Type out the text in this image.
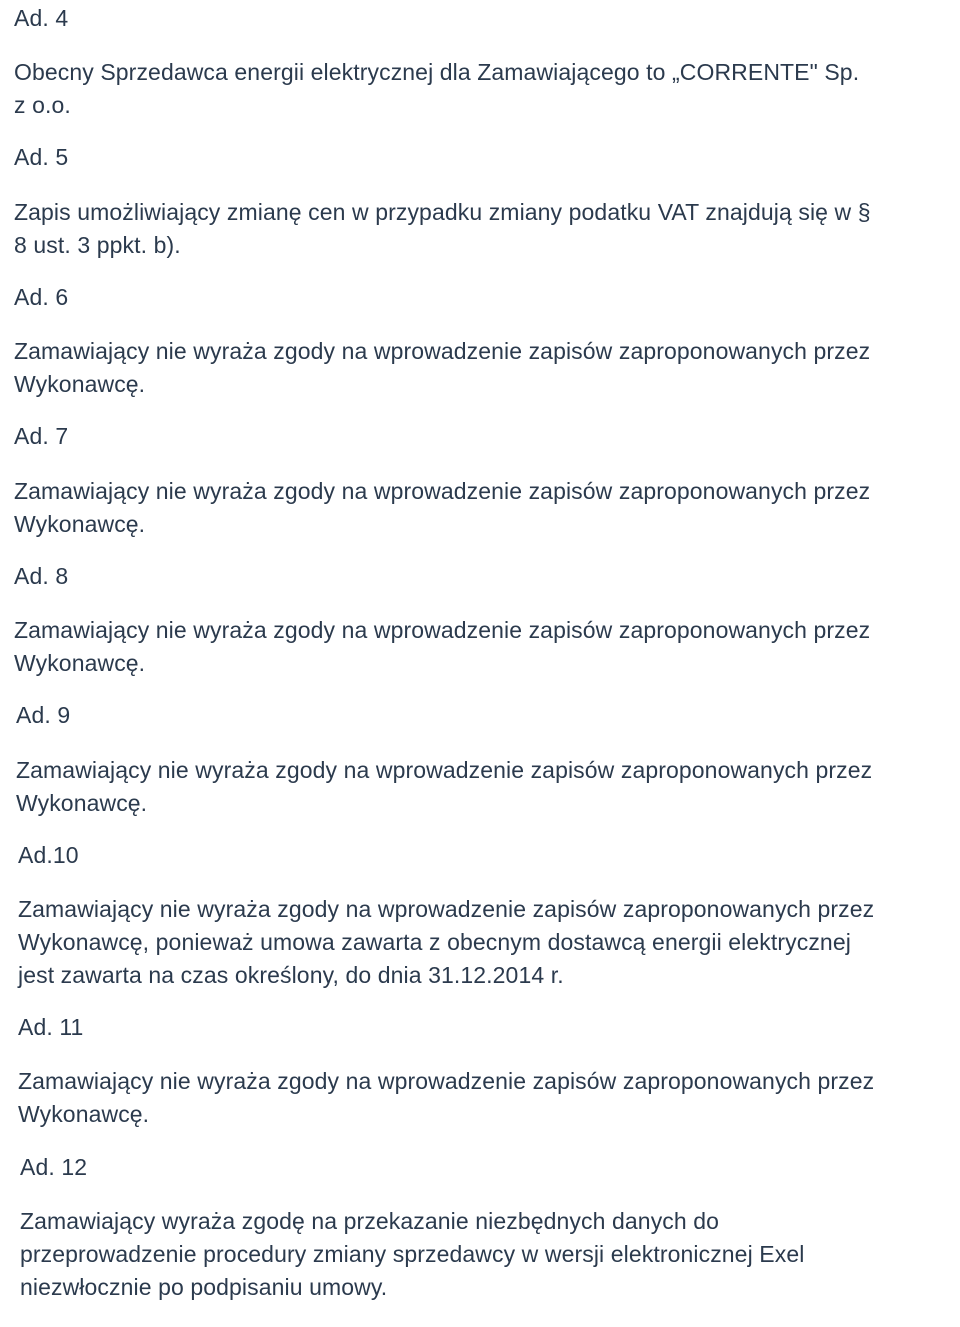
Ad. 4
Obecny Sprzedawca energii elektrycznej dla Zamawiającego to „CORRENTE" Sp.
z o.o.
Ad. 5
Zapis umożliwiający zmianę cen w przypadku zmiany podatku VAT znajdują się w §
8 ust. 3 ppkt. b).
Ad. 6
Zamawiający nie wyraża zgody na wprowadzenie zapisów zaproponowanych przez
Wykonawcę.
Ad. 7
Zamawiający nie wyraża zgody na wprowadzenie zapisów zaproponowanych przez
Wykonawcę.
Ad. 8
Zamawiający nie wyraża zgody na wprowadzenie zapisów zaproponowanych przez
Wykonawcę.
Ad. 9
Zamawiający nie wyraża zgody na wprowadzenie zapisów zaproponowanych przez
Wykonawcę.
Ad.10
Zamawiający nie wyraża zgody na wprowadzenie zapisów zaproponowanych przez
Wykonawcę, ponieważ umowa zawarta z obecnym dostawcą energii elektrycznej
jest zawarta na czas określony, do dnia 31.12.2014 r.
Ad. 11
Zamawiający nie wyraża zgody na wprowadzenie zapisów zaproponowanych przez
Wykonawcę.
Ad. 12
Zamawiający wyraża zgodę na przekazanie niezbędnych danych do
przeprowadzenie procedury zmiany sprzedawcy w wersji elektronicznej Exel
niezwłocznie po podpisaniu umowy.
